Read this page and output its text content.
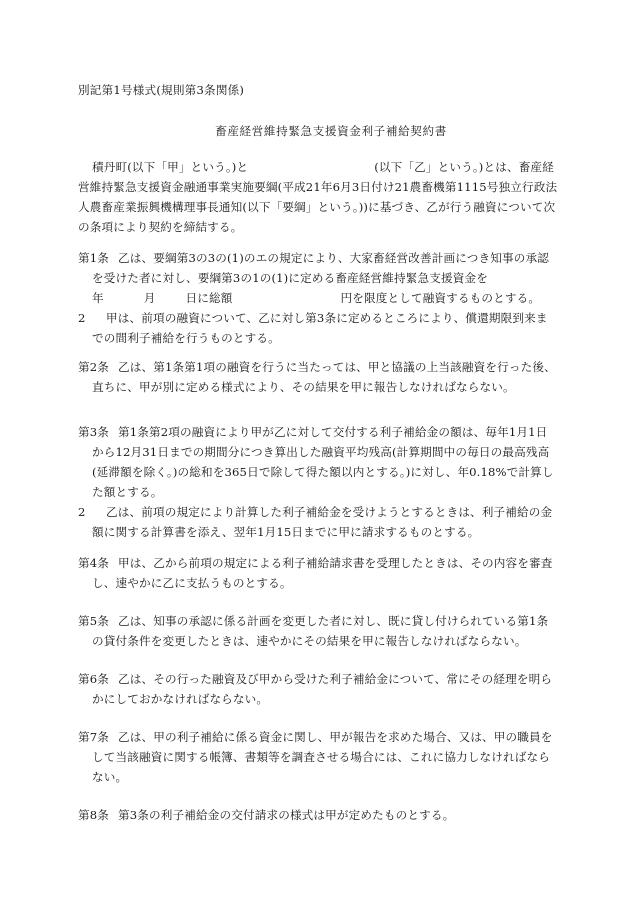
別記第1号様式(規則第3条関係)
畜産経営維持緊急支援資金利子補給契約書

積丹町(以下「甲」という。)と	(以下「乙」という。)とは、畜産経営維持緊急支援資金融通事業実施要綱(平成21年6月3日付け21農畜機第1115号独立行政法人農畜産業振興機構理事長通知(以下「要綱」という。))に基づき、乙が行う融資について次の条項により契約を締結する。

第1条 乙は、要綱第3の3の(1)のエの規定により、大家畜経営改善計画につき知事の承認を受けた者に対し、要綱第3の1の(1)に定める畜産経営維持緊急支援資金を年	月	日に総額	円を限度として融資するものとする。

2 甲は、前項の融資について、乙に対し第3条に定めるところにより、償還期限到来までの間利子補給を行うものとする。

第2条 乙は、第1条第1項の融資を行うに当たっては、甲と協議の上当該融資を行った後、直ちに、甲が別に定める様式により、その結果を甲に報告しなければならない。

第3条 第1条第2項の融資により甲が乙に対して交付する利子補給金の額は、毎年1月1日から12月31日までの期間分につき算出した融資平均残高(計算期間中の毎日の最高残高(延滞額を除く。)の総和を365日で除して得た額以内とする。)に対し、年0.18%で計算した額とする。

2 乙は、前項の規定により計算した利子補給金を受けようとするときは、利子補給の金額に関する計算書を添え、翌年1月15日までに甲に請求するものとする。

第4条 甲は、乙から前項の規定による利子補給請求書を受理したときは、その内容を審査し、速やかに乙に支払うものとする。

第5条 乙は、知事の承認に係る計画を変更した者に対し、既に貸し付けられている第1条の貸付条件を変更したときは、速やかにその結果を甲に報告しなければならない。

第6条 乙は、その行った融資及び甲から受けた利子補給金について、常にその経理を明らかにしておかなければならない。

第7条 乙は、甲の利子補給に係る資金に関し、甲が報告を求めた場合、又は、甲の職員をして当該融資に関する帳簿、書類等を調査させる場合には、これに協力しなければならない。

第8条 第3条の利子補給金の交付請求の様式は甲が定めたものとする。
